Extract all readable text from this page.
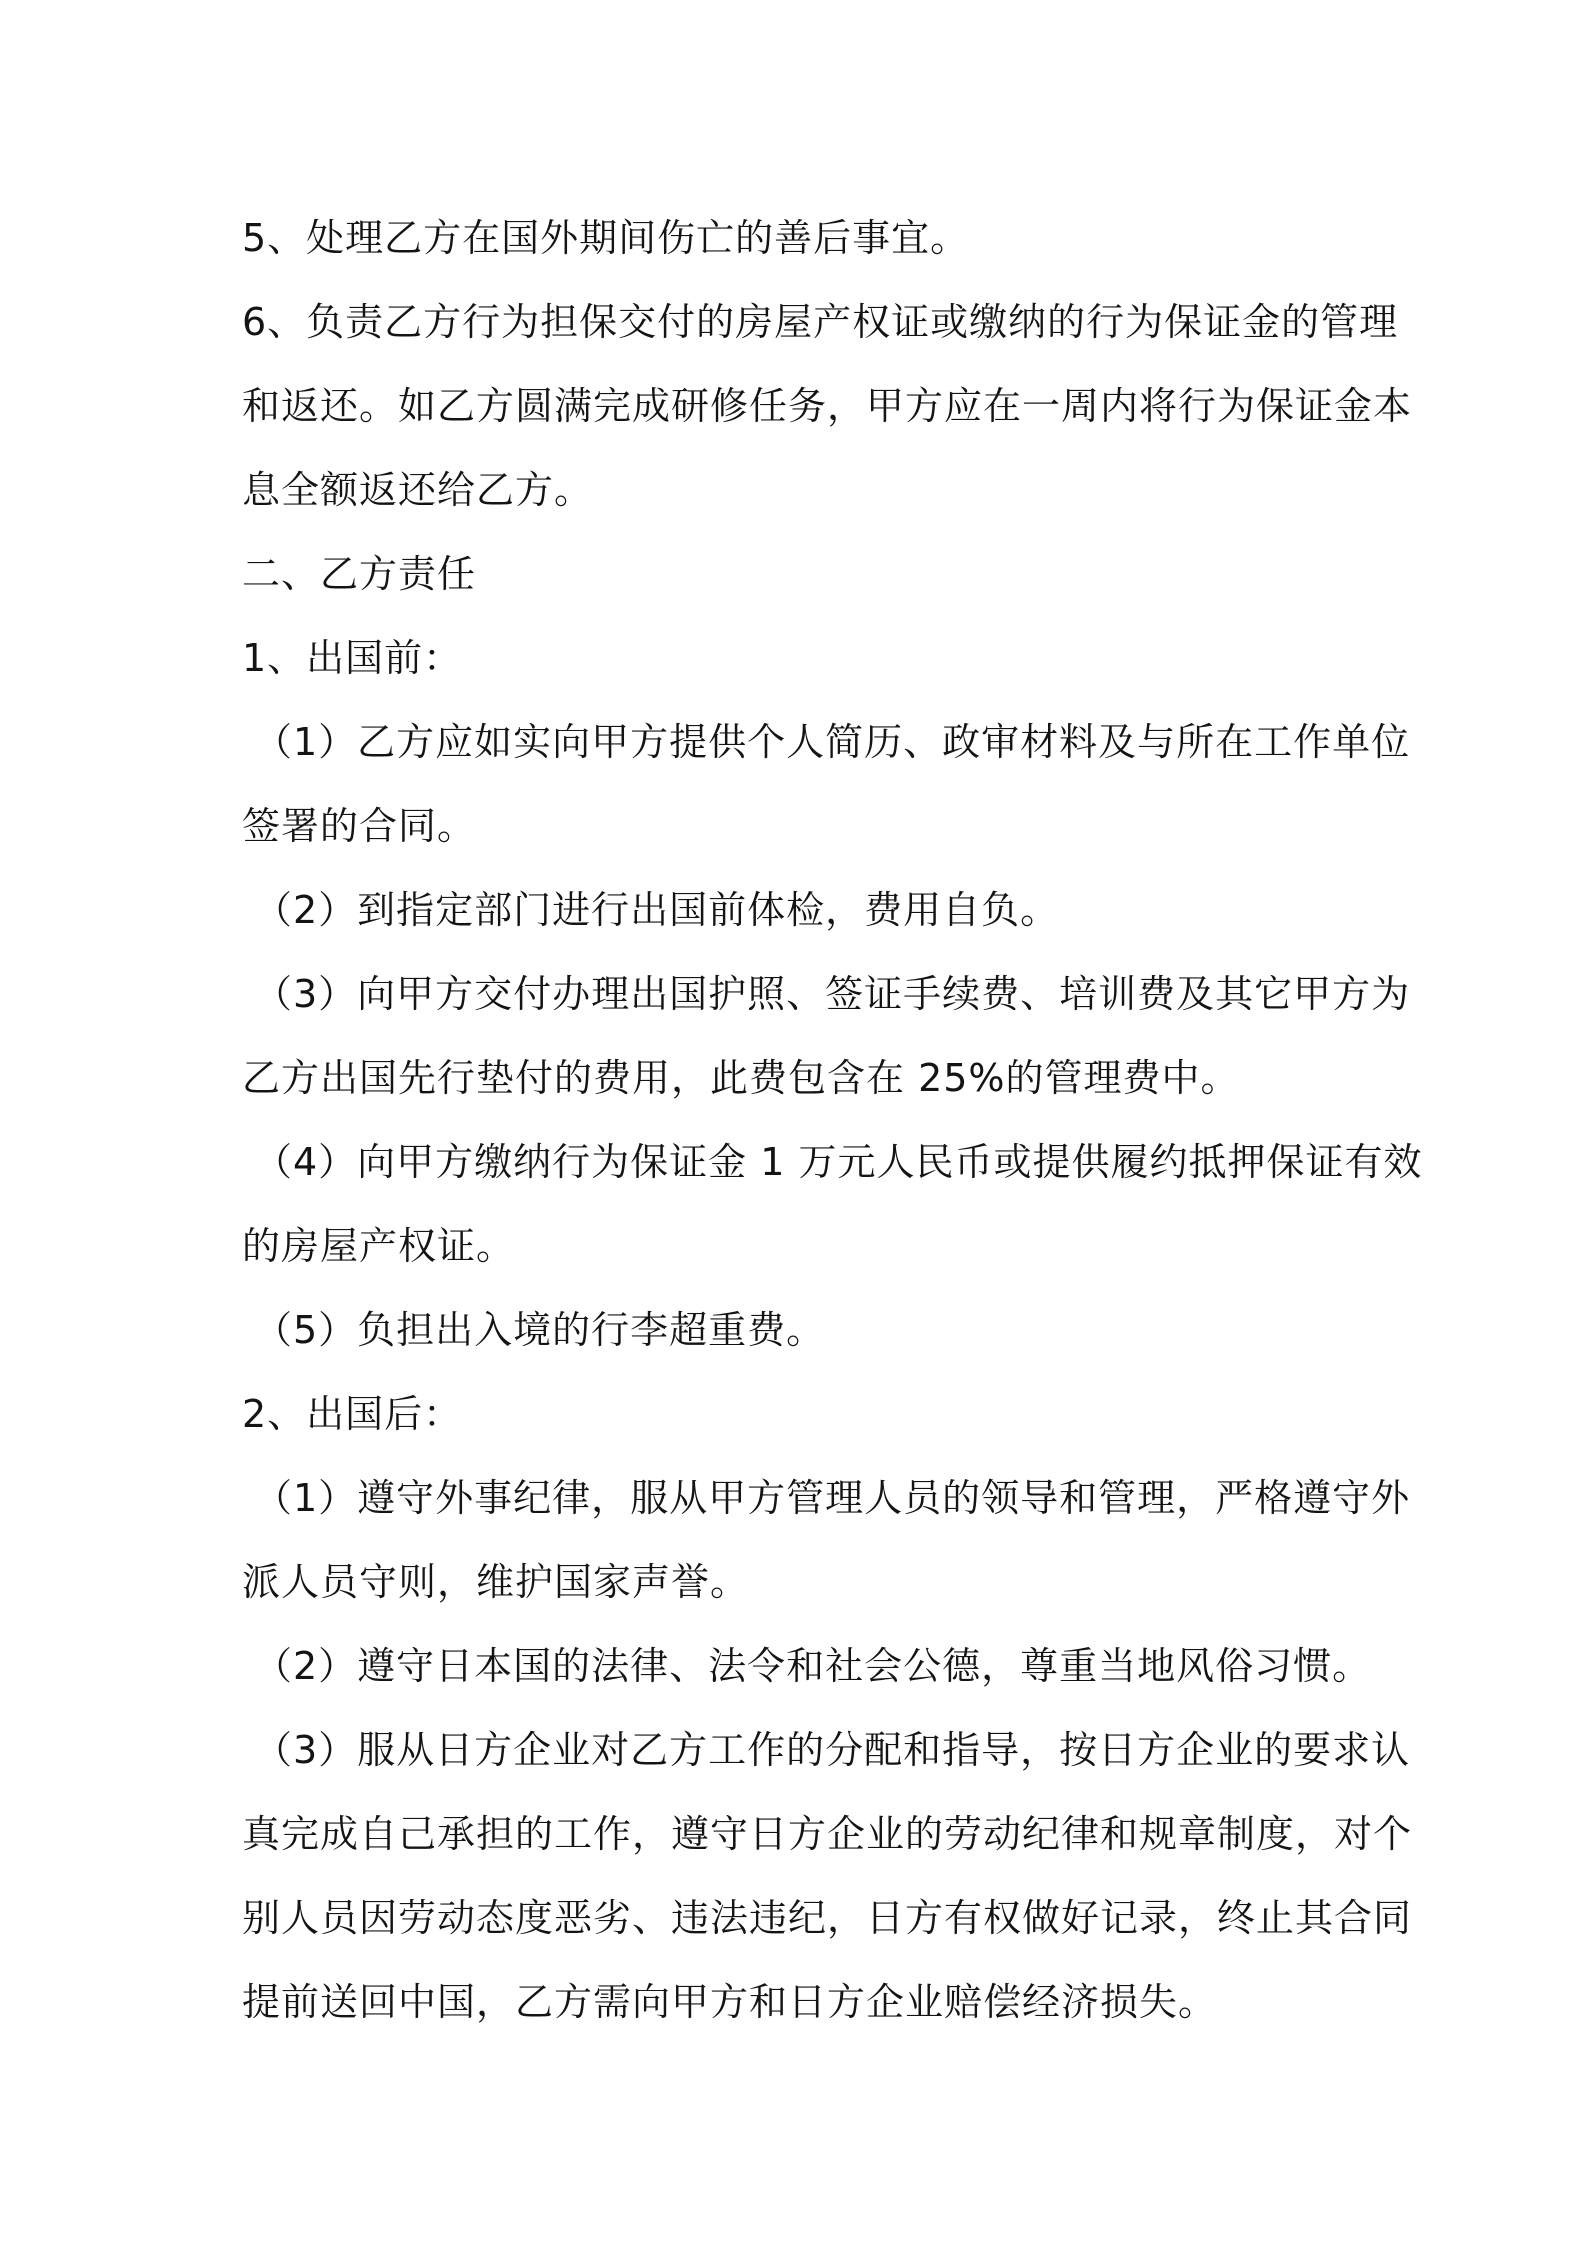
5、处理乙方在国外期间伤亡的善后事宜。
6、负责乙方行为担保交付的房屋产权证或缴纳的行为保证金的管理
和返还。如乙方圆满完成研修任务，甲方应在一周内将行为保证金本
息全额返还给乙方。
二、乙方责任
1、出国前：
（1）乙方应如实向甲方提供个人简历、政审材料及与所在工作单位
签署的合同。
（2）到指定部门进行出国前体检，费用自负。
（3）向甲方交付办理出国护照、签证手续费、培训费及其它甲方为
乙方出国先行垫付的费用，此费包含在 25%的管理费中。
（4）向甲方缴纳行为保证金 1 万元人民币或提供履约抵押保证有效
的房屋产权证。
（5）负担出入境的行李超重费。
2、出国后：
（1）遵守外事纪律，服从甲方管理人员的领导和管理，严格遵守外
派人员守则，维护国家声誉。
（2）遵守日本国的法律、法令和社会公德，尊重当地风俗习惯。
（3）服从日方企业对乙方工作的分配和指导，按日方企业的要求认
真完成自己承担的工作，遵守日方企业的劳动纪律和规章制度，对个
别人员因劳动态度恶劣、违法违纪，日方有权做好记录，终止其合同
提前送回中国，乙方需向甲方和日方企业赔偿经济损失。
